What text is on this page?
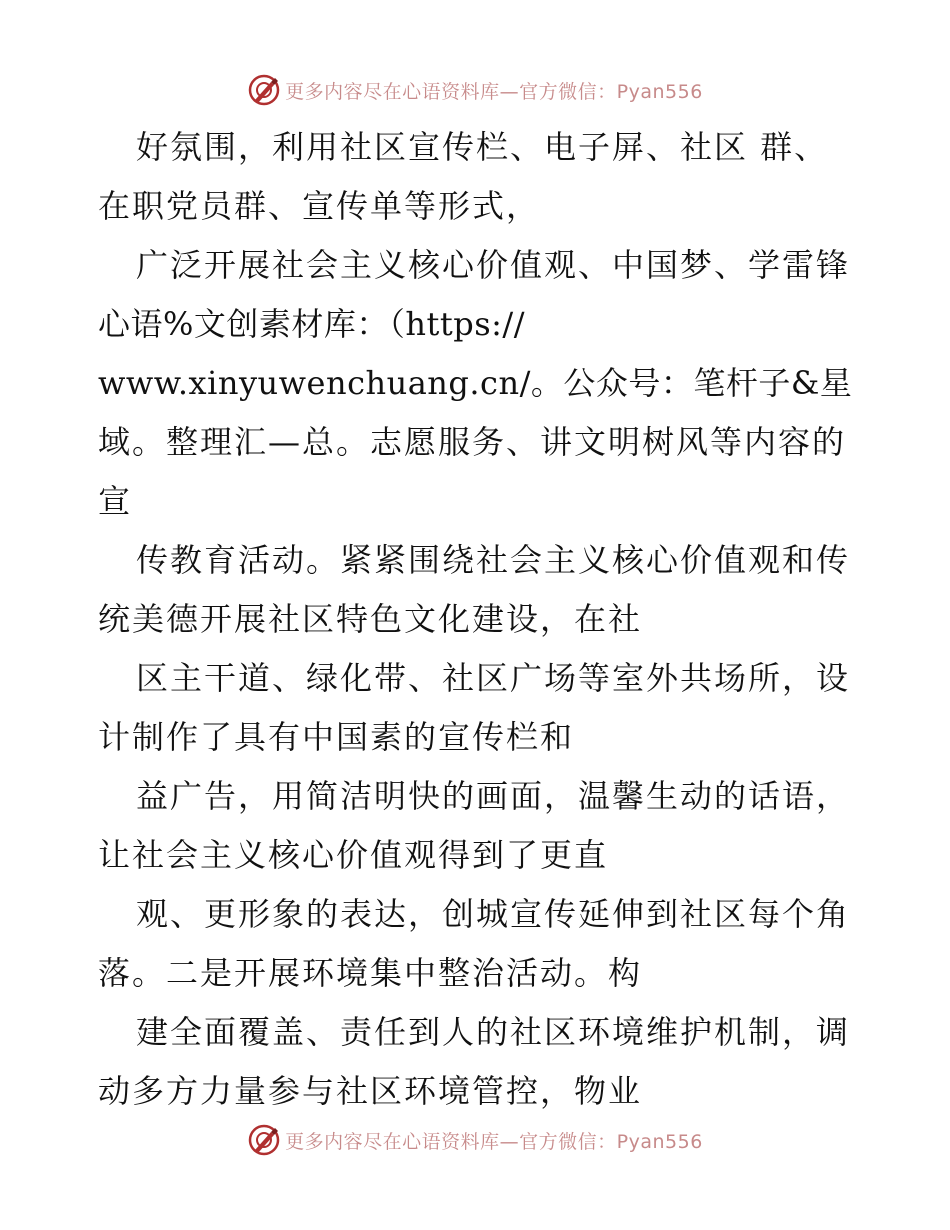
更多内容尽在心语资料库—官方微信：Pyan556
好氛围，利用社区宣传栏、电子屏、社区 群、
在职党员群、宣传单等形式，
广泛开展社会主义核心价值观、中国梦、学雷锋
心语%文创素材库：（https://
www.xinyuwenchuang.cn/。公众号：笔杆子&星
域。整理汇—总。志愿服务、讲文明树风等内容的
宣
传教育活动。紧紧围绕社会主义核心价值观和传
统美德开展社区特色文化建设，在社
区主干道、绿化带、社区广场等室外共场所，设
计制作了具有中国素的宣传栏和
益广告，用简洁明快的画面，温馨生动的话语，
让社会主义核心价值观得到了更直
观、更形象的表达，创城宣传延伸到社区每个角
落。二是开展环境集中整治活动。构
建全面覆盖、责任到人的社区环境维护机制，调
动多方力量参与社区环境管控，物业
更多内容尽在心语资料库—官方微信：Pyan556
